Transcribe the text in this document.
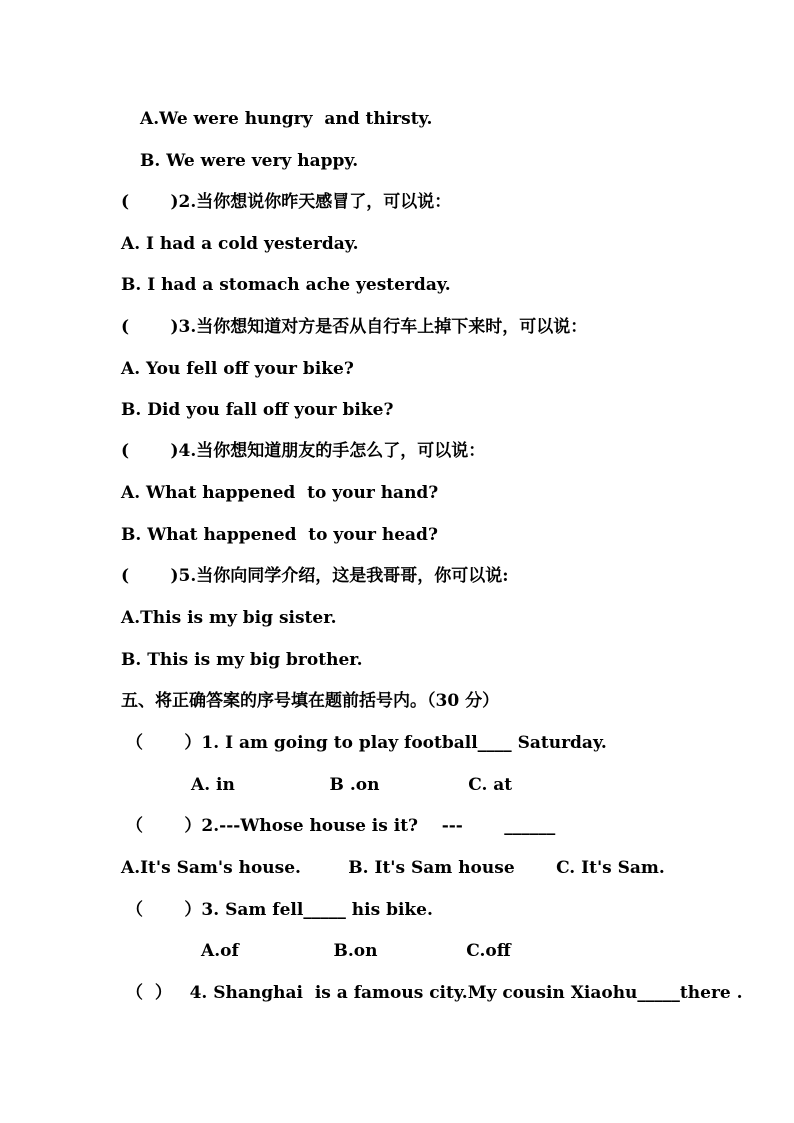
A.We were hungry  and thirsty.
B. We were very happy.
(       )2.当你想说你昨天感冒了，可以说：
A. I had a cold yesterday.
B. I had a stomach ache yesterday.
(       )3.当你想知道对方是否从自行车上掉下来时，可以说：
A. You fell off your bike?
B. Did you fall off your bike?
(       )4.当你想知道朋友的手怎么了，可以说：
A. What happened  to your hand?
B. What happened  to your head?
(       )5.当你向同学介绍，这是我哥哥，你可以说:
A.This is my big sister.
B. This is my big brother.
五、将正确答案的序号填在题前括号内。（30 分）
（       ）1. I am going to play football____ Saturday.
A. in                B .on               C. at
（       ）2.---Whose house is it?    ---       ______
A.It's Sam's house.        B. It's Sam house       C. It's Sam.
（       ）3. Sam fell_____ his bike.
A.of                B.on               C.off
（  ）   4. Shanghai  is a famous city.My cousin Xiaohu_____there .
